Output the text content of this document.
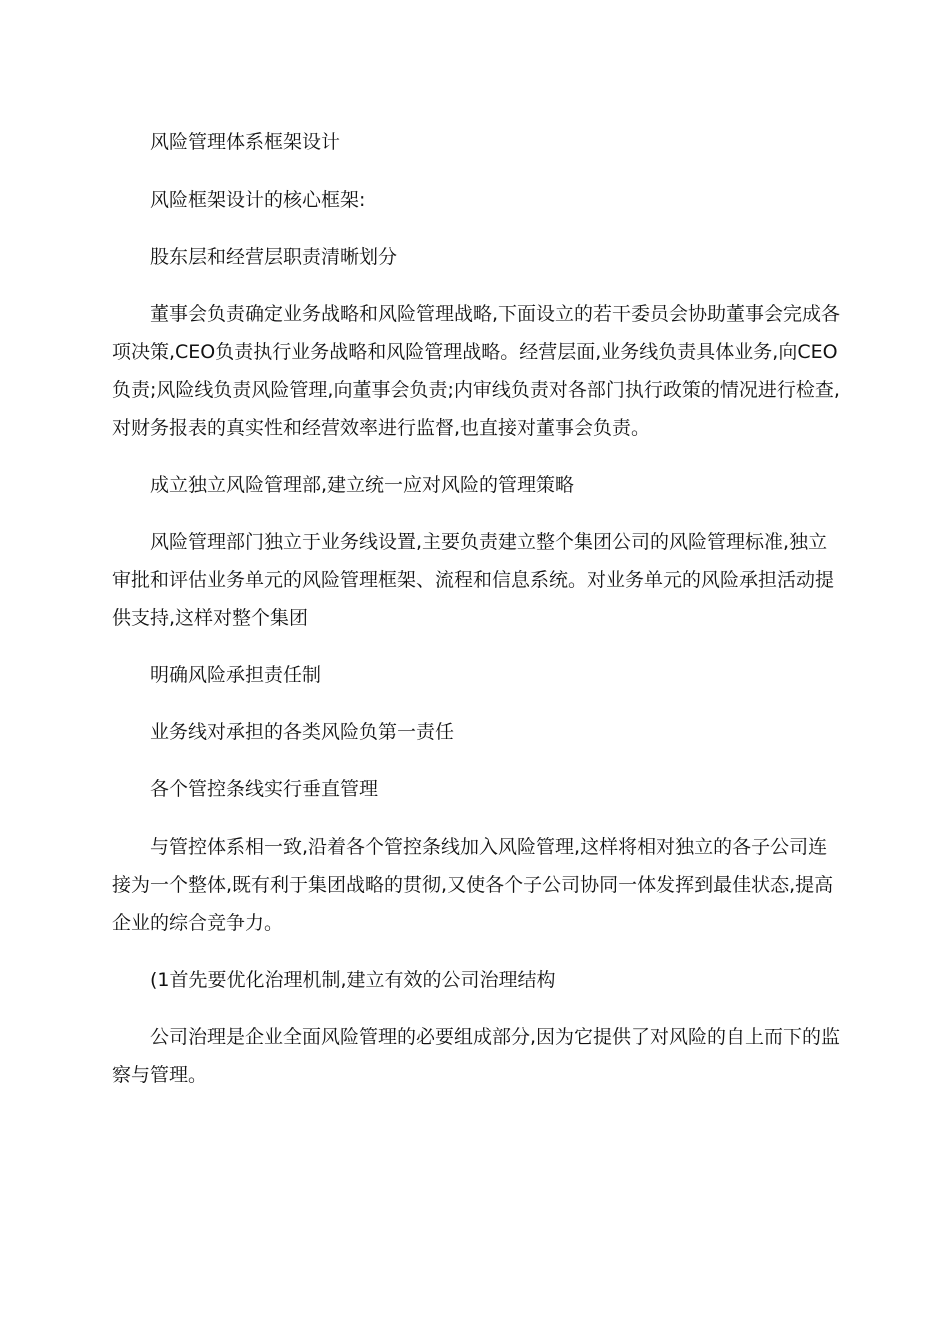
风险管理体系框架设计

风险框架设计的核心框架:

股东层和经营层职责清晰划分

董事会负责确定业务战略和风险管理战略,下面设立的若干委员会协助董事会完成各项决策,CEO负责执行业务战略和风险管理战略。经营层面,业务线负责具体业务,向CEO负责;风险线负责风险管理,向董事会负责;内审线负责对各部门执行政策的情况进行检查,对财务报表的真实性和经营效率进行监督,也直接对董事会负责。

成立独立风险管理部,建立统一应对风险的管理策略

风险管理部门独立于业务线设置,主要负责建立整个集团公司的风险管理标准,独立审批和评估业务单元的风险管理框架、流程和信息系统。对业务单元的风险承担活动提供支持,这样对整个集团

明确风险承担责任制

业务线对承担的各类风险负第一责任

各个管控条线实行垂直管理

与管控体系相一致,沿着各个管控条线加入风险管理,这样将相对独立的各子公司连接为一个整体,既有利于集团战略的贯彻,又使各个子公司协同一体发挥到最佳状态,提高企业的综合竞争力。

(1首先要优化治理机制,建立有效的公司治理结构

公司治理是企业全面风险管理的必要组成部分,因为它提供了对风险的自上而下的监察与管理。
